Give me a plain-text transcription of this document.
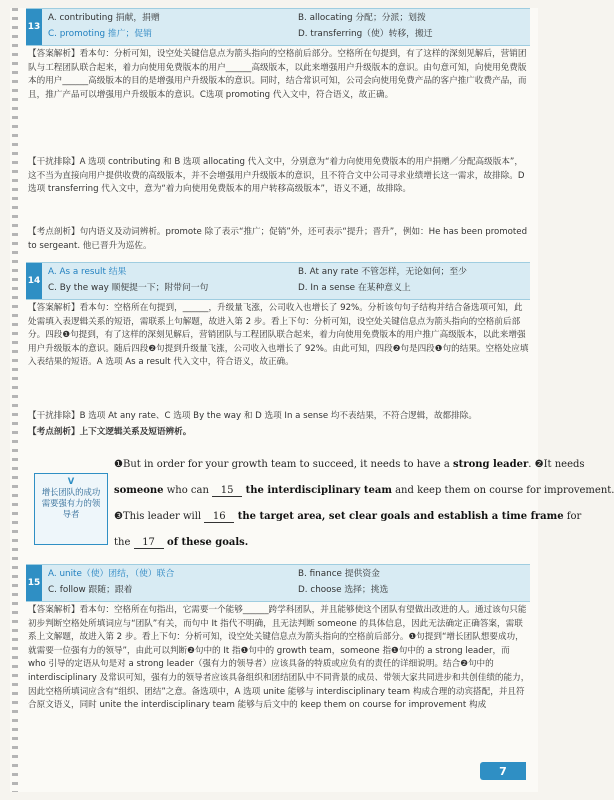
13
A. contributing 捐献，捐赠	B. allocating 分配；分派；划拨
C. promoting 推广；促销	D. transferring（使）转移，搬迁
【答案解析】看本句：分析可知，设空处关键信息点为箭头指向的空格前后部分。空格所在句提到，有了这样的深刻见解后，营销团队与工程团队联合起来，着力向使用免费版本的用户______高级版本，以此来增强用户升级版本的意识。由句意可知，向使用免费版本的用户______高级版本的目的是增强用户升级版本的意识。同时，结合常识可知，公司会向使用免费产品的客户推广收费产品，而且，推广产品可以增强用户升级版本的意识。C选项 promoting 代入文中，符合语义，故正确。
【干扰排除】A 选项 contributing 和 B 选项 allocating 代入文中，分别意为“着力向使用免费版本的用户捐赠／分配高级版本”，这不当为直接向用户提供收费的高级版本，并不会增强用户升级版本的意识，且不符合文中公司寻求业绩增长这一需求，故排除。D 选项 transferring 代入文中，意为“着力向使用免费版本的用户转移高级版本”，语义不通，故排除。
【考点剖析】句内语义及动词辨析。promote 除了表示“推广；促销”外，还可表示“提升；晋升”，例如：He has been promoted to sergeant. 他已晋升为巡佐。
14
A. As a result 结果	B. At any rate 不管怎样，无论如何；至少
C. By the way 顺便提一下；附带问一句	D. In a sense 在某种意义上
【答案解析】看本句：空格所在句提到，______，升级量飞涨，公司收入也增长了 92%。分析该句句子结构并结合备选项可知，此处需填入表逻辑关系的短语，需联系上句解题，故进入第 2 步。看上下句：分析可知，设空处关键信息点为箭头指向的空格前后部分。四段❶句提到，有了这样的深刻见解后，营销团队与工程团队联合起来，着力向使用免费版本的用户推广高级版本，以此来增强用户升级版本的意识。随后四段❷句提到升级量飞涨，公司收入也增长了 92%。由此可知，四段❷句是四段❶句的结果。空格处应填入表结果的短语。A 选项 As a result 代入文中，符合语义，故正确。
【干扰排除】B 选项 At any rate、C 选项 By the way 和 D 选项 In a sense 均不表结果，不符合逻辑，故都排除。
【考点剖析】上下文逻辑关系及短语辨析。
V
增长团队的成功需要强有力的领导者
❶But in order for your growth team to succeed, it needs to have a strong leader. ❷It needs
someone who can 15 the interdisciplinary team and keep them on course for improvement.
❸This leader will 16 the target area, set clear goals and establish a time frame for
the 17 of these goals.
15
A. unite（使）团结，（使）联合	B. finance 提供资金
C. follow 跟随；跟着	D. choose 选择；挑选
【答案解析】看本句：空格所在句指出，它需要一个能够______跨学科团队，并且能够使这个团队有望做出改进的人。通过该句只能初步判断空格处所填词应与“团队”有关，而句中 It 指代不明确，且无法判断 someone 的具体信息，因此无法确定正确答案，需联系上文解题，故进入第 2 步。看上下句：分析可知，设空处关键信息点为箭头指向的空格前后部分。❶句提到“增长团队想要成功，就需要一位强有力的领导”，由此可以判断❷句中的 It 指❶句中的 growth team，someone 指❶句中的 a strong leader，而 who 引导的定语从句是对 a strong leader（强有力的领导者）应该具备的特质或应负有的责任的详细说明。结合❷句中的 interdisciplinary 及常识可知，强有力的领导者应该具备组织和团结团队中不同背景的成员、带领大家共同进步和共创佳绩的能力，因此空格所填词应含有“组织、团结”之意。备选项中，A 选项 unite 能够与 interdisciplinary team 构成合理的动宾搭配，并且符合原文语义，同时 unite the interdisciplinary team 能够与后文中的 keep them on course for improvement 构成
7
